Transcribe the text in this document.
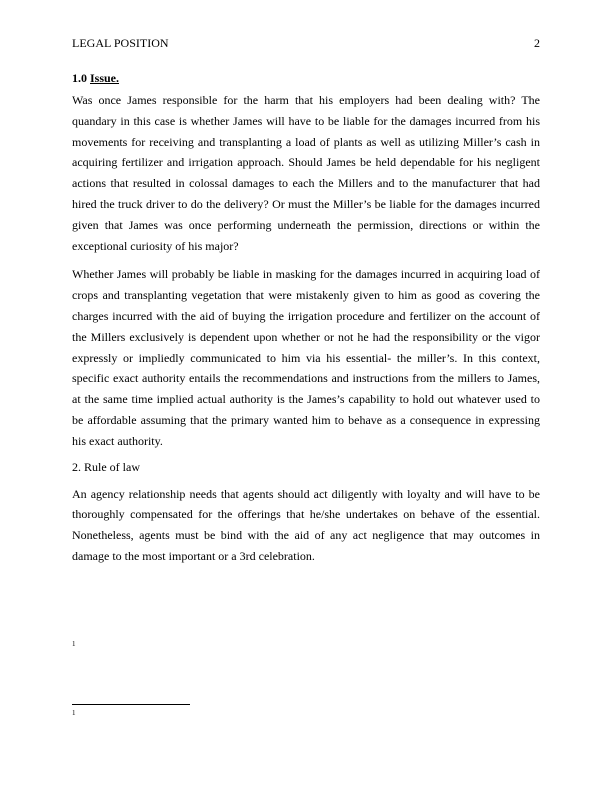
LEGAL POSITION	2
1.0 Issue.

Was once James responsible for the harm that his employers had been dealing with? The quandary in this case is whether James will have to be liable for the damages incurred from his movements for receiving and transplanting a load of plants as well as utilizing Miller’s cash in acquiring fertilizer and irrigation approach. Should James be held dependable for his negligent actions that resulted in colossal damages to each the Millers and to the manufacturer that had hired the truck driver to do the delivery? Or must the Miller’s be liable for the damages incurred given that James was once performing underneath the permission, directions or within the exceptional curiosity of his major?

Whether James will probably be liable in masking for the damages incurred in acquiring load of crops and transplanting vegetation that were mistakenly given to him as good as covering the charges incurred with the aid of buying the irrigation procedure and fertilizer on the account of the Millers exclusively is dependent upon whether or not he had the responsibility or the vigor expressly or impliedly communicated to him via his essential- the miller’s. In this context, specific exact authority entails the recommendations and instructions from the millers to James, at the same time implied actual authority is the James’s capability to hold out whatever used to be affordable assuming that the primary wanted him to behave as a consequence in expressing his exact authority.

2. Rule of law

An agency relationship needs that agents should act diligently with loyalty and will have to be thoroughly compensated for the offerings that he/she undertakes on behave of the essential. Nonetheless, agents must be bind with the aid of any act negligence that may outcomes in damage to the most important or a 3rd celebration.

1
1
